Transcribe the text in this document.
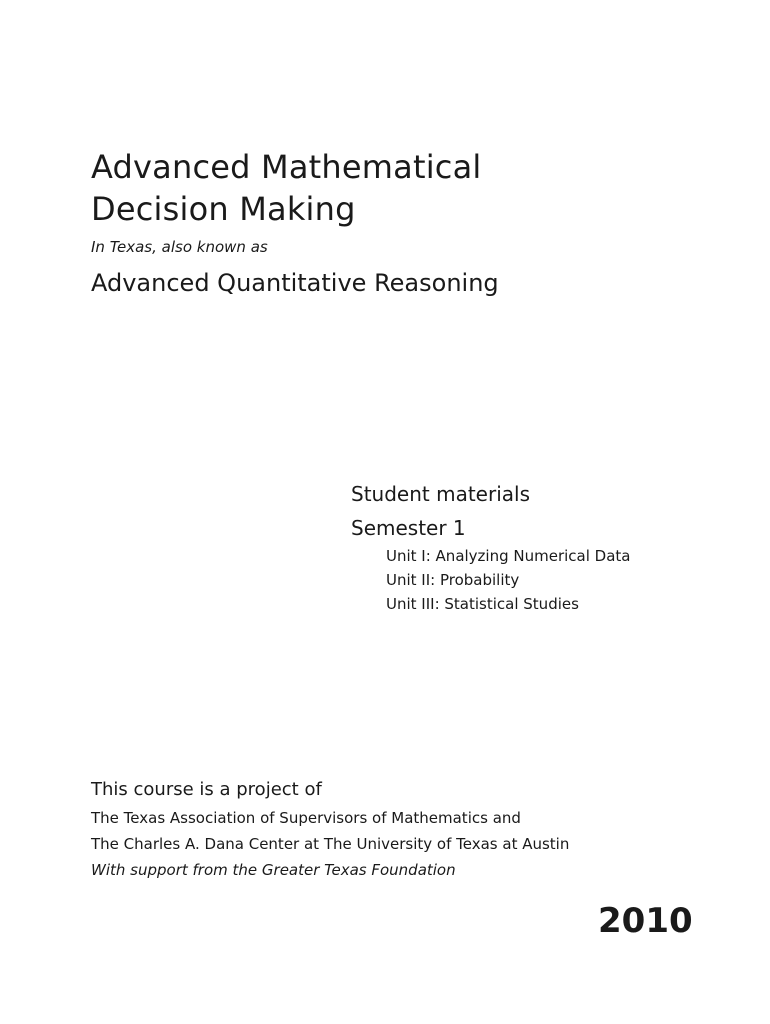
Advanced Mathematical
Decision Making
In Texas, also known as
Advanced Quantitative Reasoning
Student materials
Semester 1
Unit I: Analyzing Numerical Data
Unit II: Probability
Unit III: Statistical Studies
This course is a project of
The Texas Association of Supervisors of Mathematics and
The Charles A. Dana Center at The University of Texas at Austin
With support from the Greater Texas Foundation
2010
